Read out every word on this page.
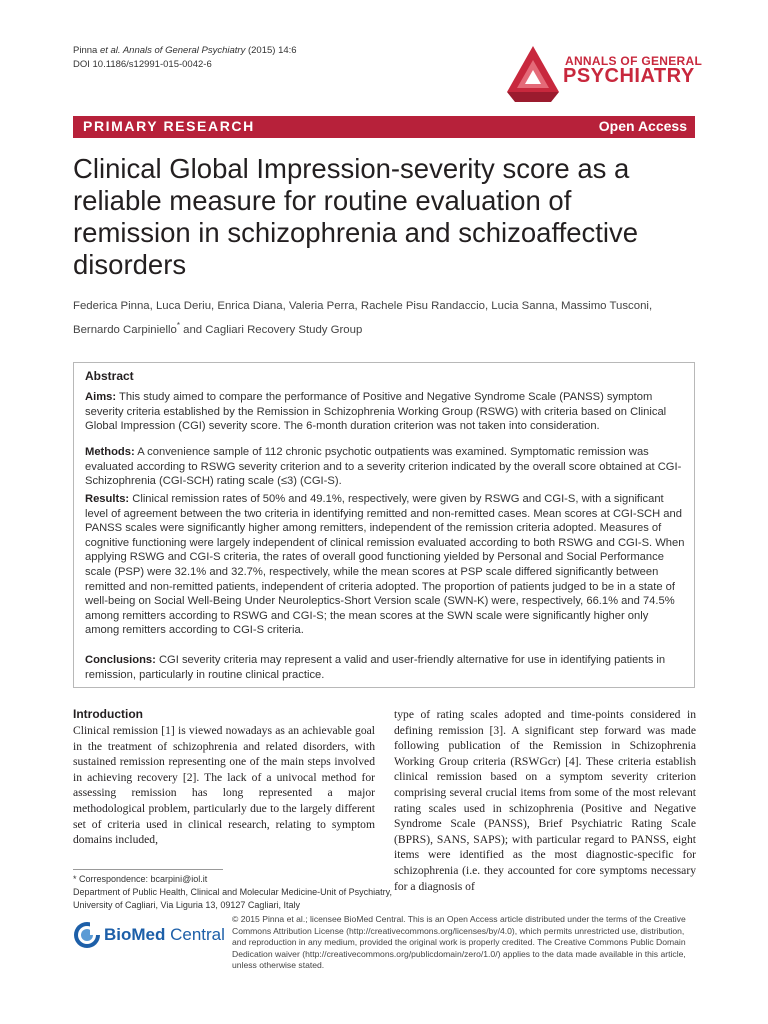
Pinna et al. Annals of General Psychiatry (2015) 14:6
DOI 10.1186/s12991-015-0042-6	ANNALS OF GENERAL
PSYCHIATRY
PRIMARY RESEARCH	Open Access
Clinical Global Impression-severity score as a
reliable measure for routine evaluation of
remission in schizophrenia and schizoaffective
disorders
Federica Pinna, Luca Deriu, Enrica Diana, Valeria Perra, Rachele Pisu Randaccio, Lucia Sanna, Massimo Tusconi,
Bernardo Carpiniello* and Cagliari Recovery Study Group
Abstract
Aims: This study aimed to compare the performance of Positive and Negative Syndrome Scale (PANSS) symptom severity criteria established by the Remission in Schizophrenia Working Group (RSWG) with criteria based on Clinical Global Impression (CGI) severity score. The 6-month duration criterion was not taken into consideration.
Methods: A convenience sample of 112 chronic psychotic outpatients was examined. Symptomatic remission was evaluated according to RSWG severity criterion and to a severity criterion indicated by the overall score obtained at CGI-Schizophrenia (CGI-SCH) rating scale (≤3) (CGI-S).
Results: Clinical remission rates of 50% and 49.1%, respectively, were given by RSWG and CGI-S, with a significant level of agreement between the two criteria in identifying remitted and non-remitted cases. Mean scores at CGI-SCH and PANSS scales were significantly higher among remitters, independent of the remission criteria adopted. Measures of cognitive functioning were largely independent of clinical remission evaluated according to both RSWG and CGI-S. When applying RSWG and CGI-S criteria, the rates of overall good functioning yielded by Personal and Social Performance scale (PSP) were 32.1% and 32.7%, respectively, while the mean scores at PSP scale differed significantly between remitted and non-remitted patients, independent of criteria adopted. The proportion of patients judged to be in a state of well-being on Social Well-Being Under Neuroleptics-Short Version scale (SWN-K) were, respectively, 66.1% and 74.5% among remitters according to RSWG and CGI-S; the mean scores at the SWN scale were significantly higher only among remitters according to CGI-S criteria.
Conclusions: CGI severity criteria may represent a valid and user-friendly alternative for use in identifying patients in remission, particularly in routine clinical practice.
Introduction
Clinical remission [1] is viewed nowadays as an achievable goal in the treatment of schizophrenia and related disorders, with sustained remission representing one of the main steps involved in achieving recovery [2]. The lack of a univocal method for assessing remission has long represented a major methodological problem, particularly due to the largely different set of criteria used in clinical research, relating to symptom domains included,
type of rating scales adopted and time-points considered in defining remission [3]. A significant step forward was made following publication of the Remission in Schizophrenia Working Group criteria (RSWGcr) [4]. These criteria establish clinical remission based on a symptom severity criterion comprising several crucial items from some of the most relevant rating scales used in schizophrenia (Positive and Negative Syndrome Scale (PANSS), Brief Psychiatric Rating Scale (BPRS), SANS, SAPS); with particular regard to PANSS, eight items were identified as the most diagnostic-specific for schizophrenia (i.e. they accounted for core symptoms necessary for a diagnosis of
* Correspondence: bcarpini@iol.it
Department of Public Health, Clinical and Molecular Medicine-Unit of Psychiatry, University of Cagliari, Via Liguria 13, 09127 Cagliari, Italy
BioMed Central
© 2015 Pinna et al.; licensee BioMed Central. This is an Open Access article distributed under the terms of the Creative Commons Attribution License (http://creativecommons.org/licenses/by/4.0), which permits unrestricted use, distribution, and reproduction in any medium, provided the original work is properly credited. The Creative Commons Public Domain Dedication waiver (http://creativecommons.org/publicdomain/zero/1.0/) applies to the data made available in this article, unless otherwise stated.
